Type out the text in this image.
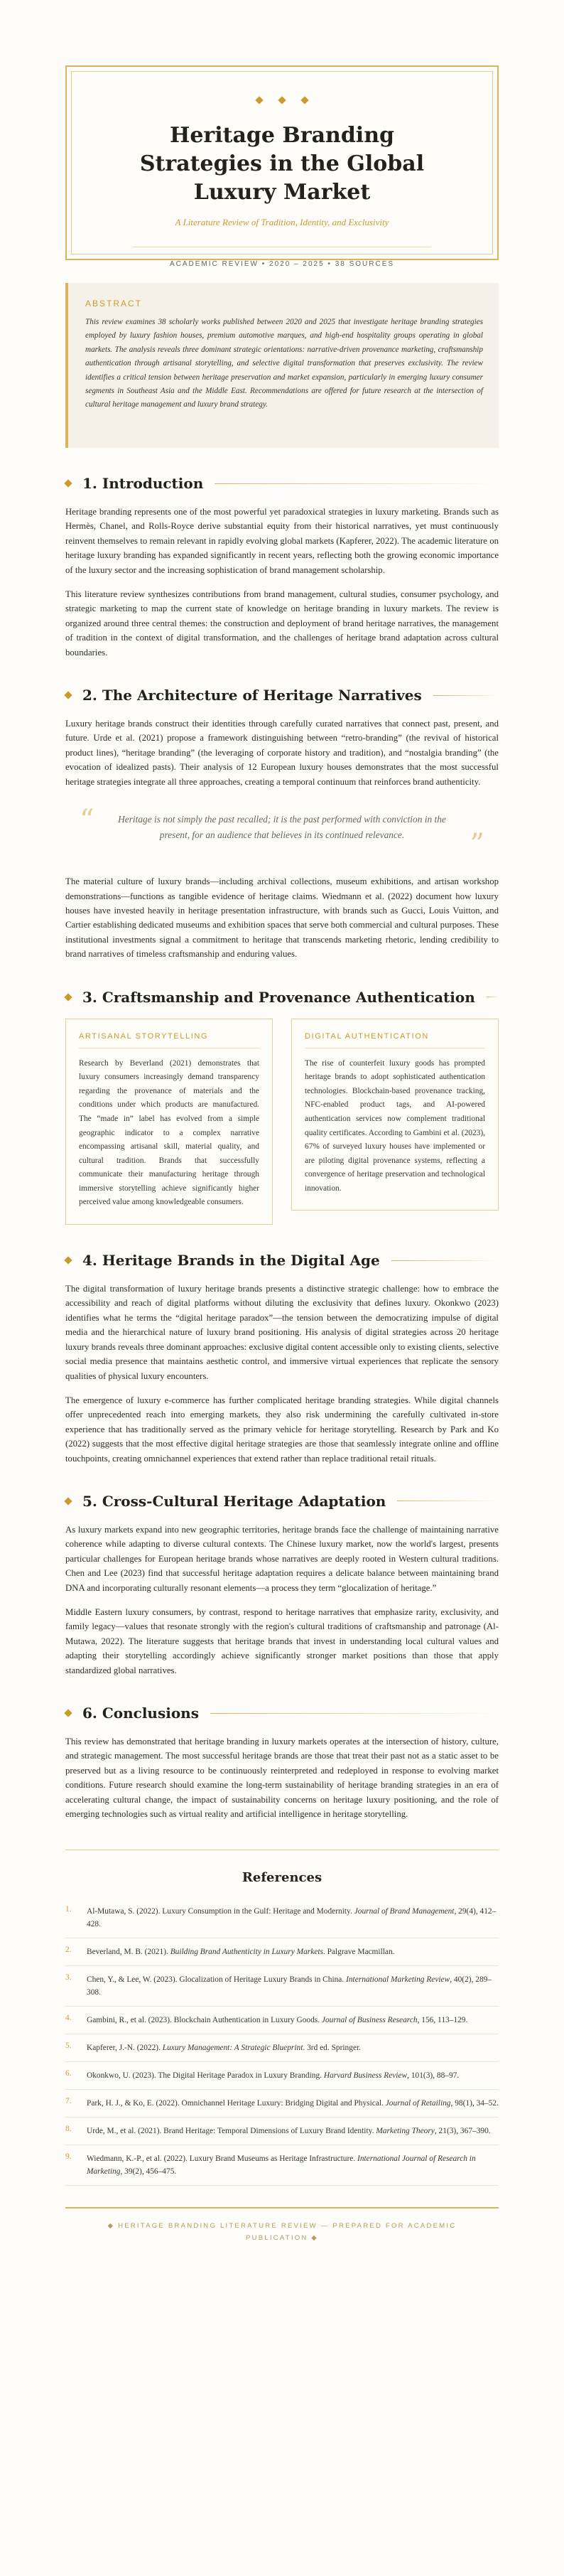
Heritage Branding Strategies in the Global Luxury Market
A Literature Review of Tradition, Identity, and Exclusivity
ACADEMIC REVIEW • 2020 – 2025 • 38 SOURCES
ABSTRACT
This review examines 38 scholarly works published between 2020 and 2025 that investigate heritage branding strategies employed by luxury fashion houses, premium automotive marques, and high-end hospitality groups operating in global markets. The analysis reveals three dominant strategic orientations: narrative-driven provenance marketing, craftsmanship authentication through artisanal storytelling, and selective digital transformation that preserves exclusivity. The review identifies a critical tension between heritage preservation and market expansion, particularly in emerging luxury consumer segments in Southeast Asia and the Middle East. Recommendations are offered for future research at the intersection of cultural heritage management and luxury brand strategy.
1. Introduction

Heritage branding represents one of the most powerful yet paradoxical strategies in luxury marketing. Brands such as Hermès, Chanel, and Rolls-Royce derive substantial equity from their historical narratives, yet must continuously reinvent themselves to remain relevant in rapidly evolving global markets (Kapferer, 2022). The academic literature on heritage luxury branding has expanded significantly in recent years, reflecting both the growing economic importance of the luxury sector and the increasing sophistication of brand management scholarship.

This literature review synthesizes contributions from brand management, cultural studies, consumer psychology, and strategic marketing to map the current state of knowledge on heritage branding in luxury markets. The review is organized around three central themes: the construction and deployment of brand heritage narratives, the management of tradition in the context of digital transformation, and the challenges of heritage brand adaptation across cultural boundaries.

2. The Architecture of Heritage Narratives

Luxury heritage brands construct their identities through carefully curated narratives that connect past, present, and future. Urde et al. (2021) propose a framework distinguishing between “retro-branding” (the revival of historical product lines), “heritage branding” (the leveraging of corporate history and tradition), and “nostalgia branding” (the evocation of idealized pasts). Their analysis of 12 European luxury houses demonstrates that the most successful heritage strategies integrate all three approaches, creating a temporal continuum that reinforces brand authenticity.

“	Heritage is not simply the past recalled; it is the past performed with conviction in the present, for an audience that believes in its continued relevance.	”

The material culture of luxury brands—including archival collections, museum exhibitions, and artisan workshop demonstrations—functions as tangible evidence of heritage claims. Wiedmann et al. (2022) document how luxury houses have invested heavily in heritage presentation infrastructure, with brands such as Gucci, Louis Vuitton, and Cartier establishing dedicated museums and exhibition spaces that serve both commercial and cultural purposes. These institutional investments signal a commitment to heritage that transcends marketing rhetoric, lending credibility to brand narratives of timeless craftsmanship and enduring values.

3. Craftsmanship and Provenance Authentication
ARTISANAL STORYTELLING
Research by Beverland (2021) demonstrates that luxury consumers increasingly demand transparency regarding the provenance of materials and the conditions under which products are manufactured. The “made in” label has evolved from a simple geographic indicator to a complex narrative encompassing artisanal skill, material quality, and cultural tradition. Brands that successfully communicate their manufacturing heritage through immersive storytelling achieve significantly higher perceived value among knowledgeable consumers.
DIGITAL AUTHENTICATION
The rise of counterfeit luxury goods has prompted heritage brands to adopt sophisticated authentication technologies. Blockchain-based provenance tracking, NFC-enabled product tags, and AI-powered authentication services now complement traditional quality certificates. According to Gambini et al. (2023), 67% of surveyed luxury houses have implemented or are piloting digital provenance systems, reflecting a convergence of heritage preservation and technological innovation.
4. Heritage Brands in the Digital Age

The digital transformation of luxury heritage brands presents a distinctive strategic challenge: how to embrace the accessibility and reach of digital platforms without diluting the exclusivity that defines luxury. Okonkwo (2023) identifies what he terms the “digital heritage paradox”—the tension between the democratizing impulse of digital media and the hierarchical nature of luxury brand positioning. His analysis of digital strategies across 20 heritage luxury brands reveals three dominant approaches: exclusive digital content accessible only to existing clients, selective social media presence that maintains aesthetic control, and immersive virtual experiences that replicate the sensory qualities of physical luxury encounters.

The emergence of luxury e-commerce has further complicated heritage branding strategies. While digital channels offer unprecedented reach into emerging markets, they also risk undermining the carefully cultivated in-store experience that has traditionally served as the primary vehicle for heritage storytelling. Research by Park and Ko (2022) suggests that the most effective digital heritage strategies are those that seamlessly integrate online and offline touchpoints, creating omnichannel experiences that extend rather than replace traditional retail rituals.

5. Cross-Cultural Heritage Adaptation

As luxury markets expand into new geographic territories, heritage brands face the challenge of maintaining narrative coherence while adapting to diverse cultural contexts. The Chinese luxury market, now the world's largest, presents particular challenges for European heritage brands whose narratives are deeply rooted in Western cultural traditions. Chen and Lee (2023) find that successful heritage adaptation requires a delicate balance between maintaining brand DNA and incorporating culturally resonant elements—a process they term “glocalization of heritage.”

Middle Eastern luxury consumers, by contrast, respond to heritage narratives that emphasize rarity, exclusivity, and family legacy—values that resonate strongly with the region's cultural traditions of craftsmanship and patronage (Al-Mutawa, 2022). The literature suggests that heritage brands that invest in understanding local cultural values and adapting their storytelling accordingly achieve significantly stronger market positions than those that apply standardized global narratives.

6. Conclusions

This review has demonstrated that heritage branding in luxury markets operates at the intersection of history, culture, and strategic management. The most successful heritage brands are those that treat their past not as a static asset to be preserved but as a living resource to be continuously reinterpreted and redeployed in response to evolving market conditions. Future research should examine the long-term sustainability of heritage branding strategies in an era of accelerating cultural change, the impact of sustainability concerns on heritage luxury positioning, and the role of emerging technologies such as virtual reality and artificial intelligence in heritage storytelling.

References
1.	Al-Mutawa, S. (2022). Luxury Consumption in the Gulf: Heritage and Modernity. Journal of Brand Management, 29(4), 412–428.
2.	Beverland, M. B. (2021). Building Brand Authenticity in Luxury Markets. Palgrave Macmillan.
3.	Chen, Y., & Lee, W. (2023). Glocalization of Heritage Luxury Brands in China. International Marketing Review, 40(2), 289–308.
4.	Gambini, R., et al. (2023). Blockchain Authentication in Luxury Goods. Journal of Business Research, 156, 113–129.
5.	Kapferer, J.-N. (2022). Luxury Management: A Strategic Blueprint. 3rd ed. Springer.
6.	Okonkwo, U. (2023). The Digital Heritage Paradox in Luxury Branding. Harvard Business Review, 101(3), 88–97.
7.	Park, H. J., & Ko, E. (2022). Omnichannel Heritage Luxury: Bridging Digital and Physical. Journal of Retailing, 98(1), 34–52.
8.	Urde, M., et al. (2021). Brand Heritage: Temporal Dimensions of Luxury Brand Identity. Marketing Theory, 21(3), 367–390.
9.	Wiedmann, K.-P., et al. (2022). Luxury Brand Museums as Heritage Infrastructure. International Journal of Research in Marketing, 39(2), 456–475.
◆ HERITAGE BRANDING LITERATURE REVIEW — PREPARED FOR ACADEMIC PUBLICATION ◆
